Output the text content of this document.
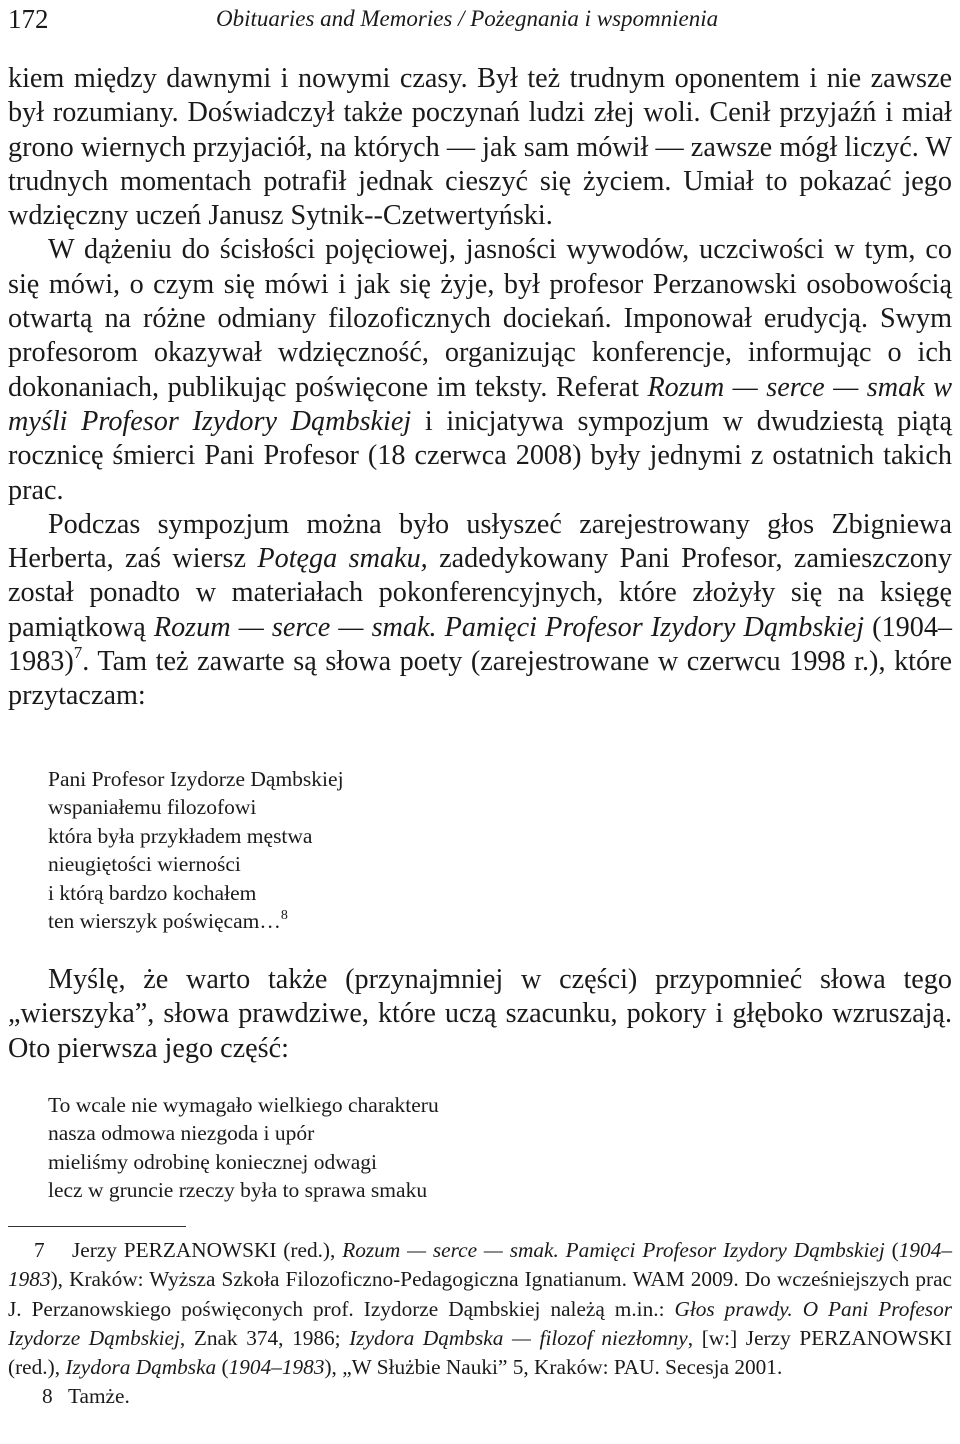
172	Obituaries and Memories / Pożegnania i wspomnienia

kiem między dawnymi i nowymi czasy. Był też trudnym oponentem i nie zawsze był rozumiany. Doświadczył także poczynań ludzi złej woli. Cenił przyjaźń i miał grono wiernych przyjaciół, na których — jak sam mówił — zawsze mógł liczyć. W trudnych momentach potrafił jednak cieszyć się życiem. Umiał to pokazać jego wdzięczny uczeń Janusz Sytnik--Czetwertyński.

W dążeniu do ścisłości pojęciowej, jasności wywodów, uczciwości w tym, co się mówi, o czym się mówi i jak się żyje, był profesor Perzanowski osobowością otwartą na różne odmiany filozoficznych dociekań. Imponował erudycją. Swym profesorom okazywał wdzięczność, organizując konferencje, informując o ich dokonaniach, publikując poświęcone im teksty. Referat Rozum — serce — smak w myśli Profesor Izydory Dąmbskiej i inicjatywa sympozjum w dwudziestą piątą rocznicę śmierci Pani Profesor (18 czerwca 2008) były jednymi z ostatnich takich prac.

Podczas sympozjum można było usłyszeć zarejestrowany głos Zbigniewa Herberta, zaś wiersz Potęga smaku, zadedykowany Pani Profesor, zamieszczony został ponadto w materiałach pokonferencyjnych, które złożyły się na księgę pamiątkową Rozum — serce — smak. Pamięci Profesor Izydory Dąmbskiej (1904–1983)$^7$. Tam też zawarte są słowa poety (zarejestrowane w czerwcu 1998 r.), które przytaczam:

Pani Profesor Izydorze Dąmbskiej
wspaniałemu filozofowi
która była przykładem męstwa
nieugiętości wierności
i którą bardzo kochałem
ten wierszyk poświęcam…$^8$

Myślę, że warto także (przynajmniej w części) przypomnieć słowa tego „wierszyka”, słowa prawdziwe, które uczą szacunku, pokory i głęboko wzruszają. Oto pierwsza jego część:

To wcale nie wymagało wielkiego charakteru
nasza odmowa niezgoda i upór
mieliśmy odrobinę koniecznej odwagi
lecz w gruncie rzeczy była to sprawa smaku

7 Jerzy PERZANOWSKI (red.), Rozum — serce — smak. Pamięci Profesor Izydory Dąmbskiej (1904–1983), Kraków: Wyższa Szkoła Filozoficzno-Pedagogiczna Ignatianum. WAM 2009. Do wcześniejszych prac J. Perzanowskiego poświęconych prof. Izydorze Dąmbskiej należą m.in.: Głos prawdy. O Pani Profesor Izydorze Dąmbskiej, Znak 374, 1986; Izydora Dąmbska — filozof niezłomny, [w:] Jerzy PERZANOWSKI (red.), Izydora Dąmbska (1904–1983), „W Służbie Nauki” 5, Kraków: PAU. Secesja 2001.

8 Tamże.
